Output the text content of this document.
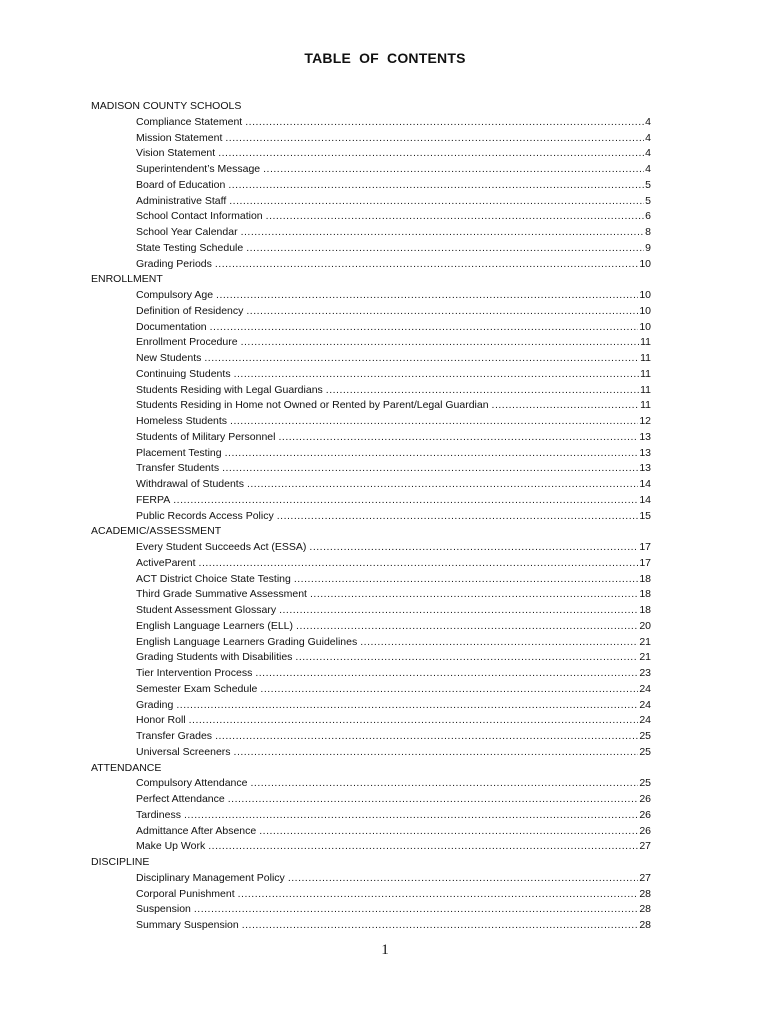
TABLE OF CONTENTS
MADISON COUNTY SCHOOLS
Compliance Statement .....	4
Mission Statement .....	4
Vision Statement .....	4
Superintendent’s Message .....	4
Board of Education .....	5
Administrative Staff .....	5
School Contact Information .....	6
School Year Calendar .....	8
State Testing Schedule .....	9
Grading Periods .....	10
ENROLLMENT
Compulsory Age .....	10
Definition of Residency .....	10
Documentation .....	10
Enrollment Procedure .....	11
New Students .....	11
Continuing Students .....	11
Students Residing with Legal Guardians .....	11
Students Residing in Home not Owned or Rented by Parent/Legal Guardian .....	11
Homeless Students .....	12
Students of Military Personnel .....	13
Placement Testing .....	13
Transfer Students .....	13
Withdrawal of Students .....	14
FERPA .....	14
Public Records Access Policy .....	15
ACADEMIC/ASSESSMENT
Every Student Succeeds Act (ESSA) .....	17
ActiveParent .....	17
ACT District Choice State Testing .....	18
Third Grade Summative Assessment .....	18
Student Assessment Glossary .....	18
English Language Learners (ELL) .....	20
English Language Learners Grading Guidelines .....	21
Grading Students with Disabilities .....	21
Tier Intervention Process .....	23
Semester Exam Schedule .....	24
Grading .....	24
Honor Roll .....	24
Transfer Grades .....	25
Universal Screeners .....	25
ATTENDANCE
Compulsory Attendance .....	25
Perfect Attendance .....	26
Tardiness .....	26
Admittance After Absence .....	26
Make Up Work .....	27
DISCIPLINE
Disciplinary Management Policy .....	27
Corporal Punishment .....	28
Suspension .....	28
Summary Suspension .....	28
1
